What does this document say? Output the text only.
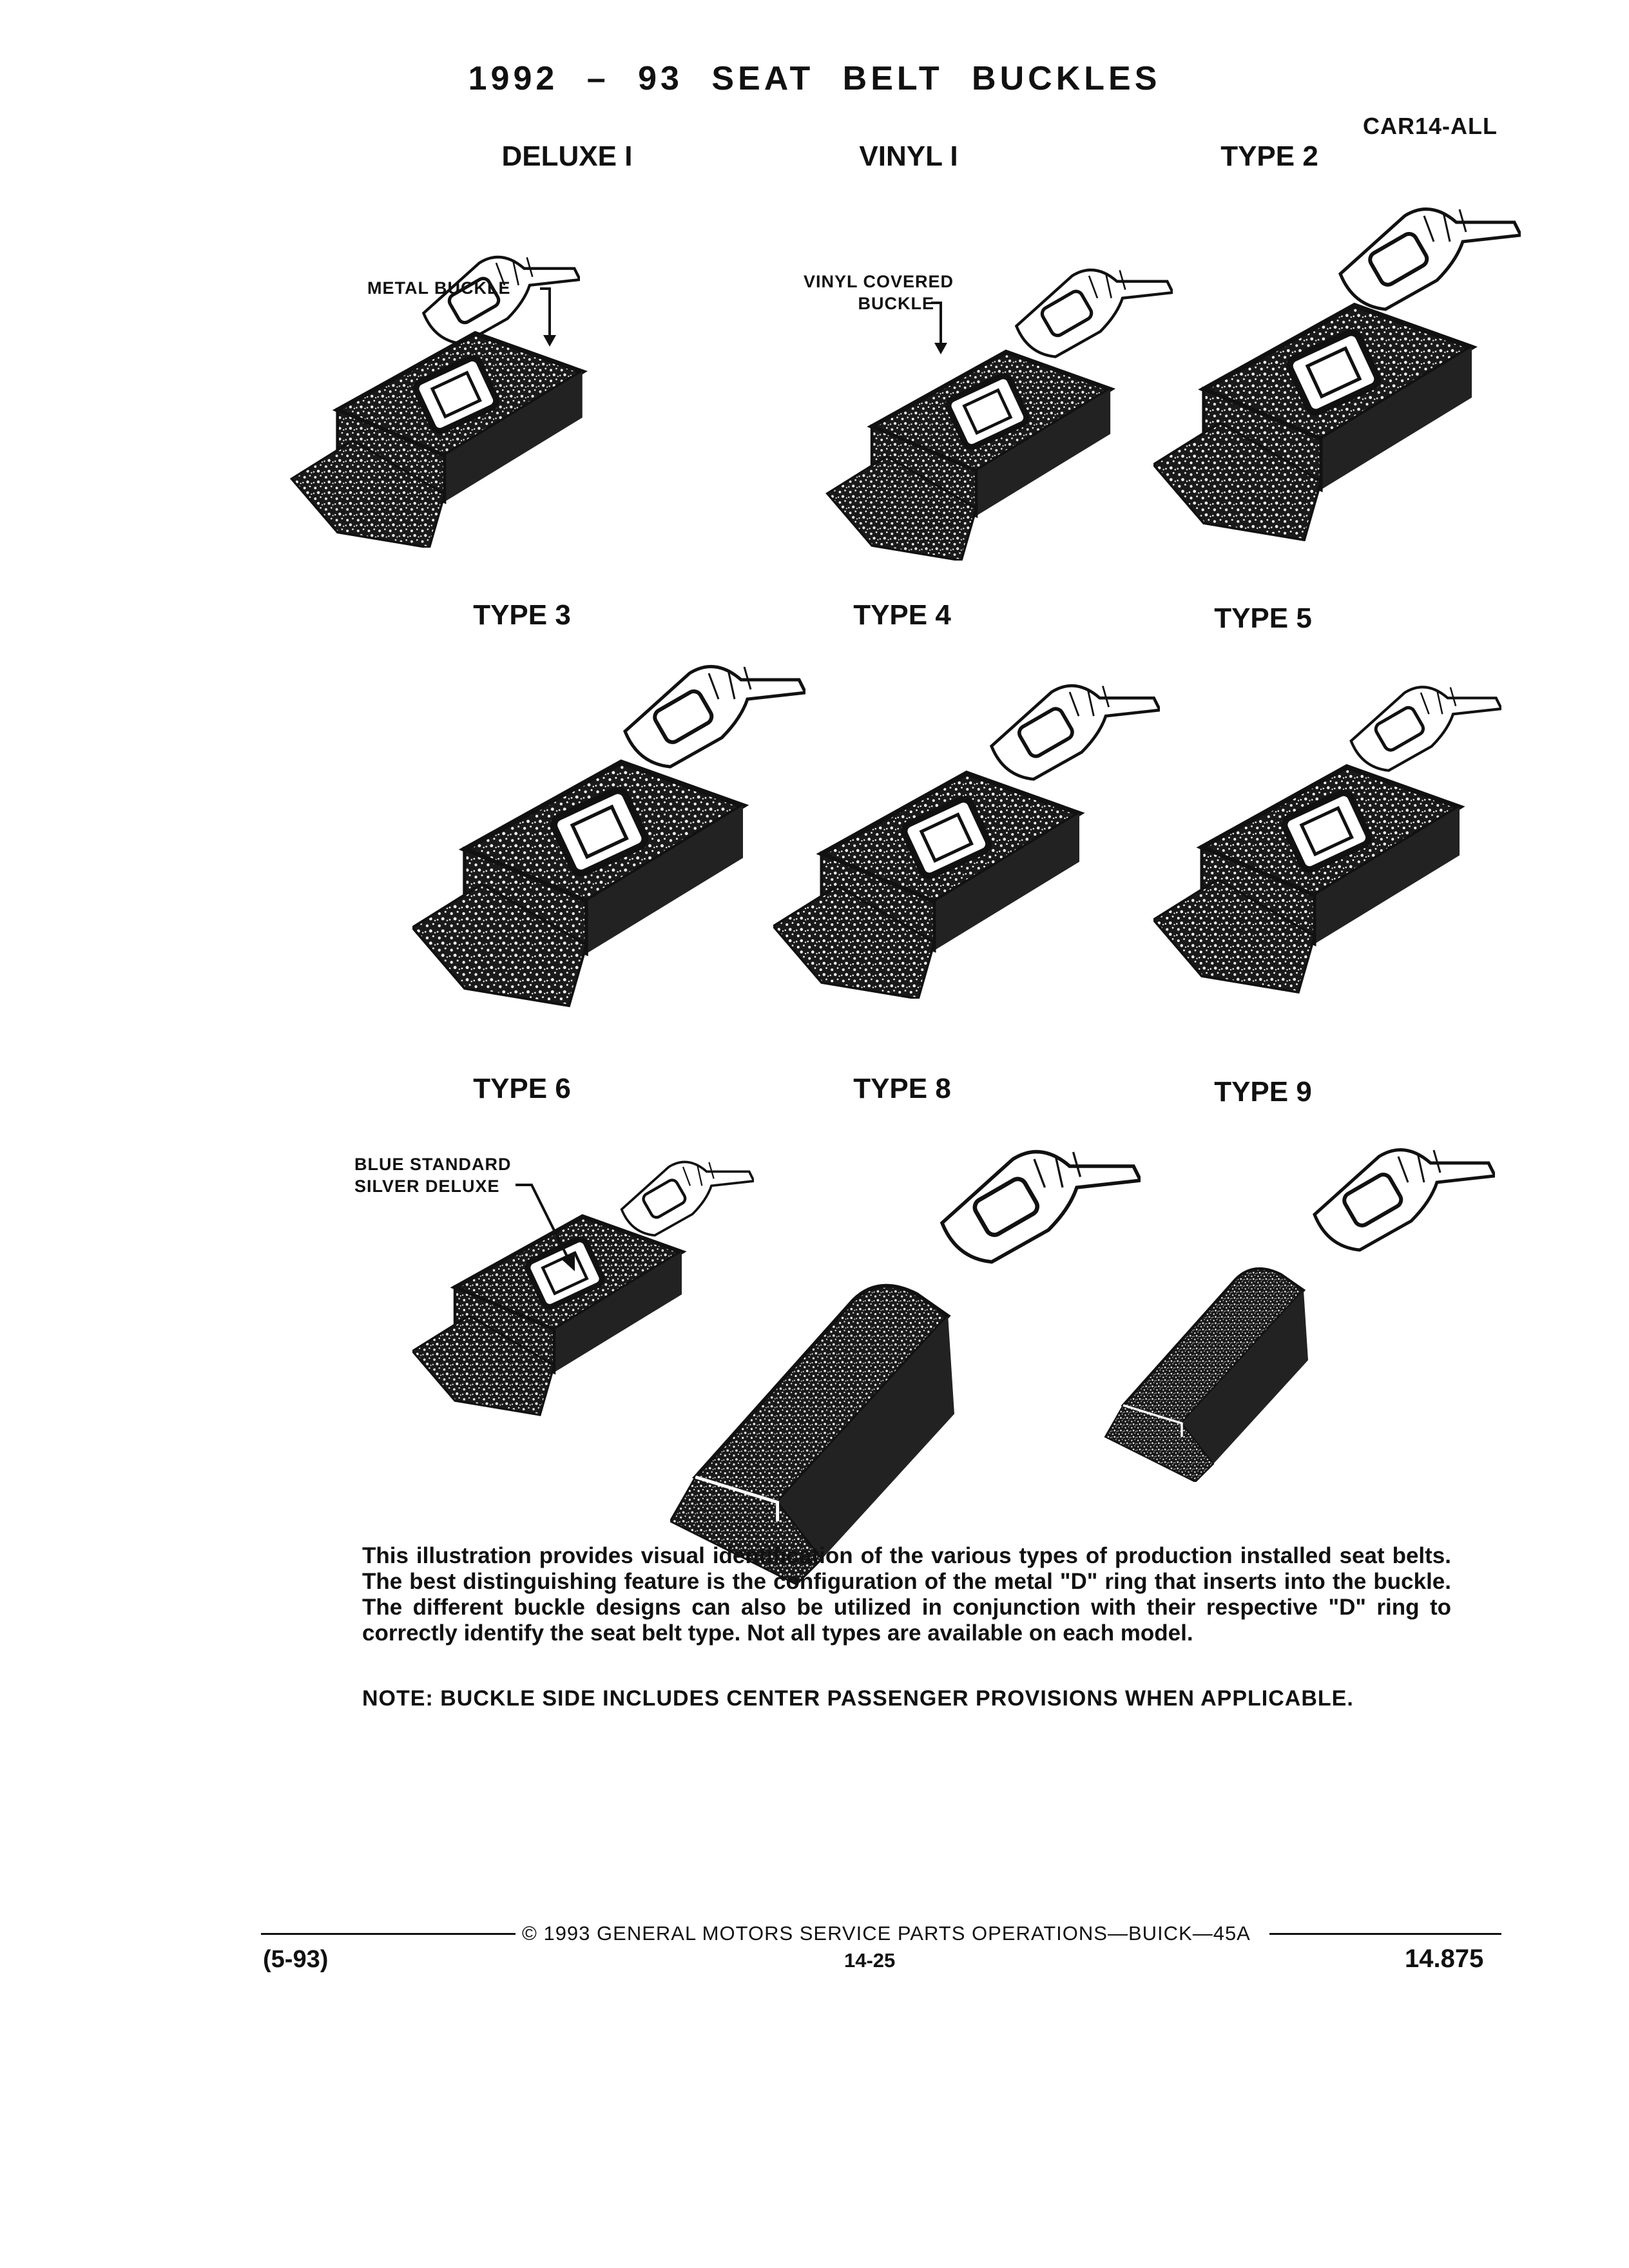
1992 – 93 SEAT BELT BUCKLES
CAR14-ALL
DELUXE I	VINYL I	TYPE 2
METAL BUCKLE	VINYL COVERED
BUCKLE
TYPE 3	TYPE 4	TYPE 5
TYPE 6	TYPE 8	TYPE 9
BLUE STANDARD
SILVER DELUXE

This illustration provides visual identification of the various types of production installed seat belts. The best distinguishing feature is the configuration of the metal "D" ring that inserts into the buckle. The different buckle designs can also be utilized in conjunction with their respective "D" ring to correctly identify the seat belt type. Not all types are available on each model.

NOTE: BUCKLE SIDE INCLUDES CENTER PASSENGER PROVISIONS WHEN APPLICABLE.
© 1993 GENERAL MOTORS SERVICE PARTS OPERATIONS—BUICK—45A
(5-93)	14-25	14.875
